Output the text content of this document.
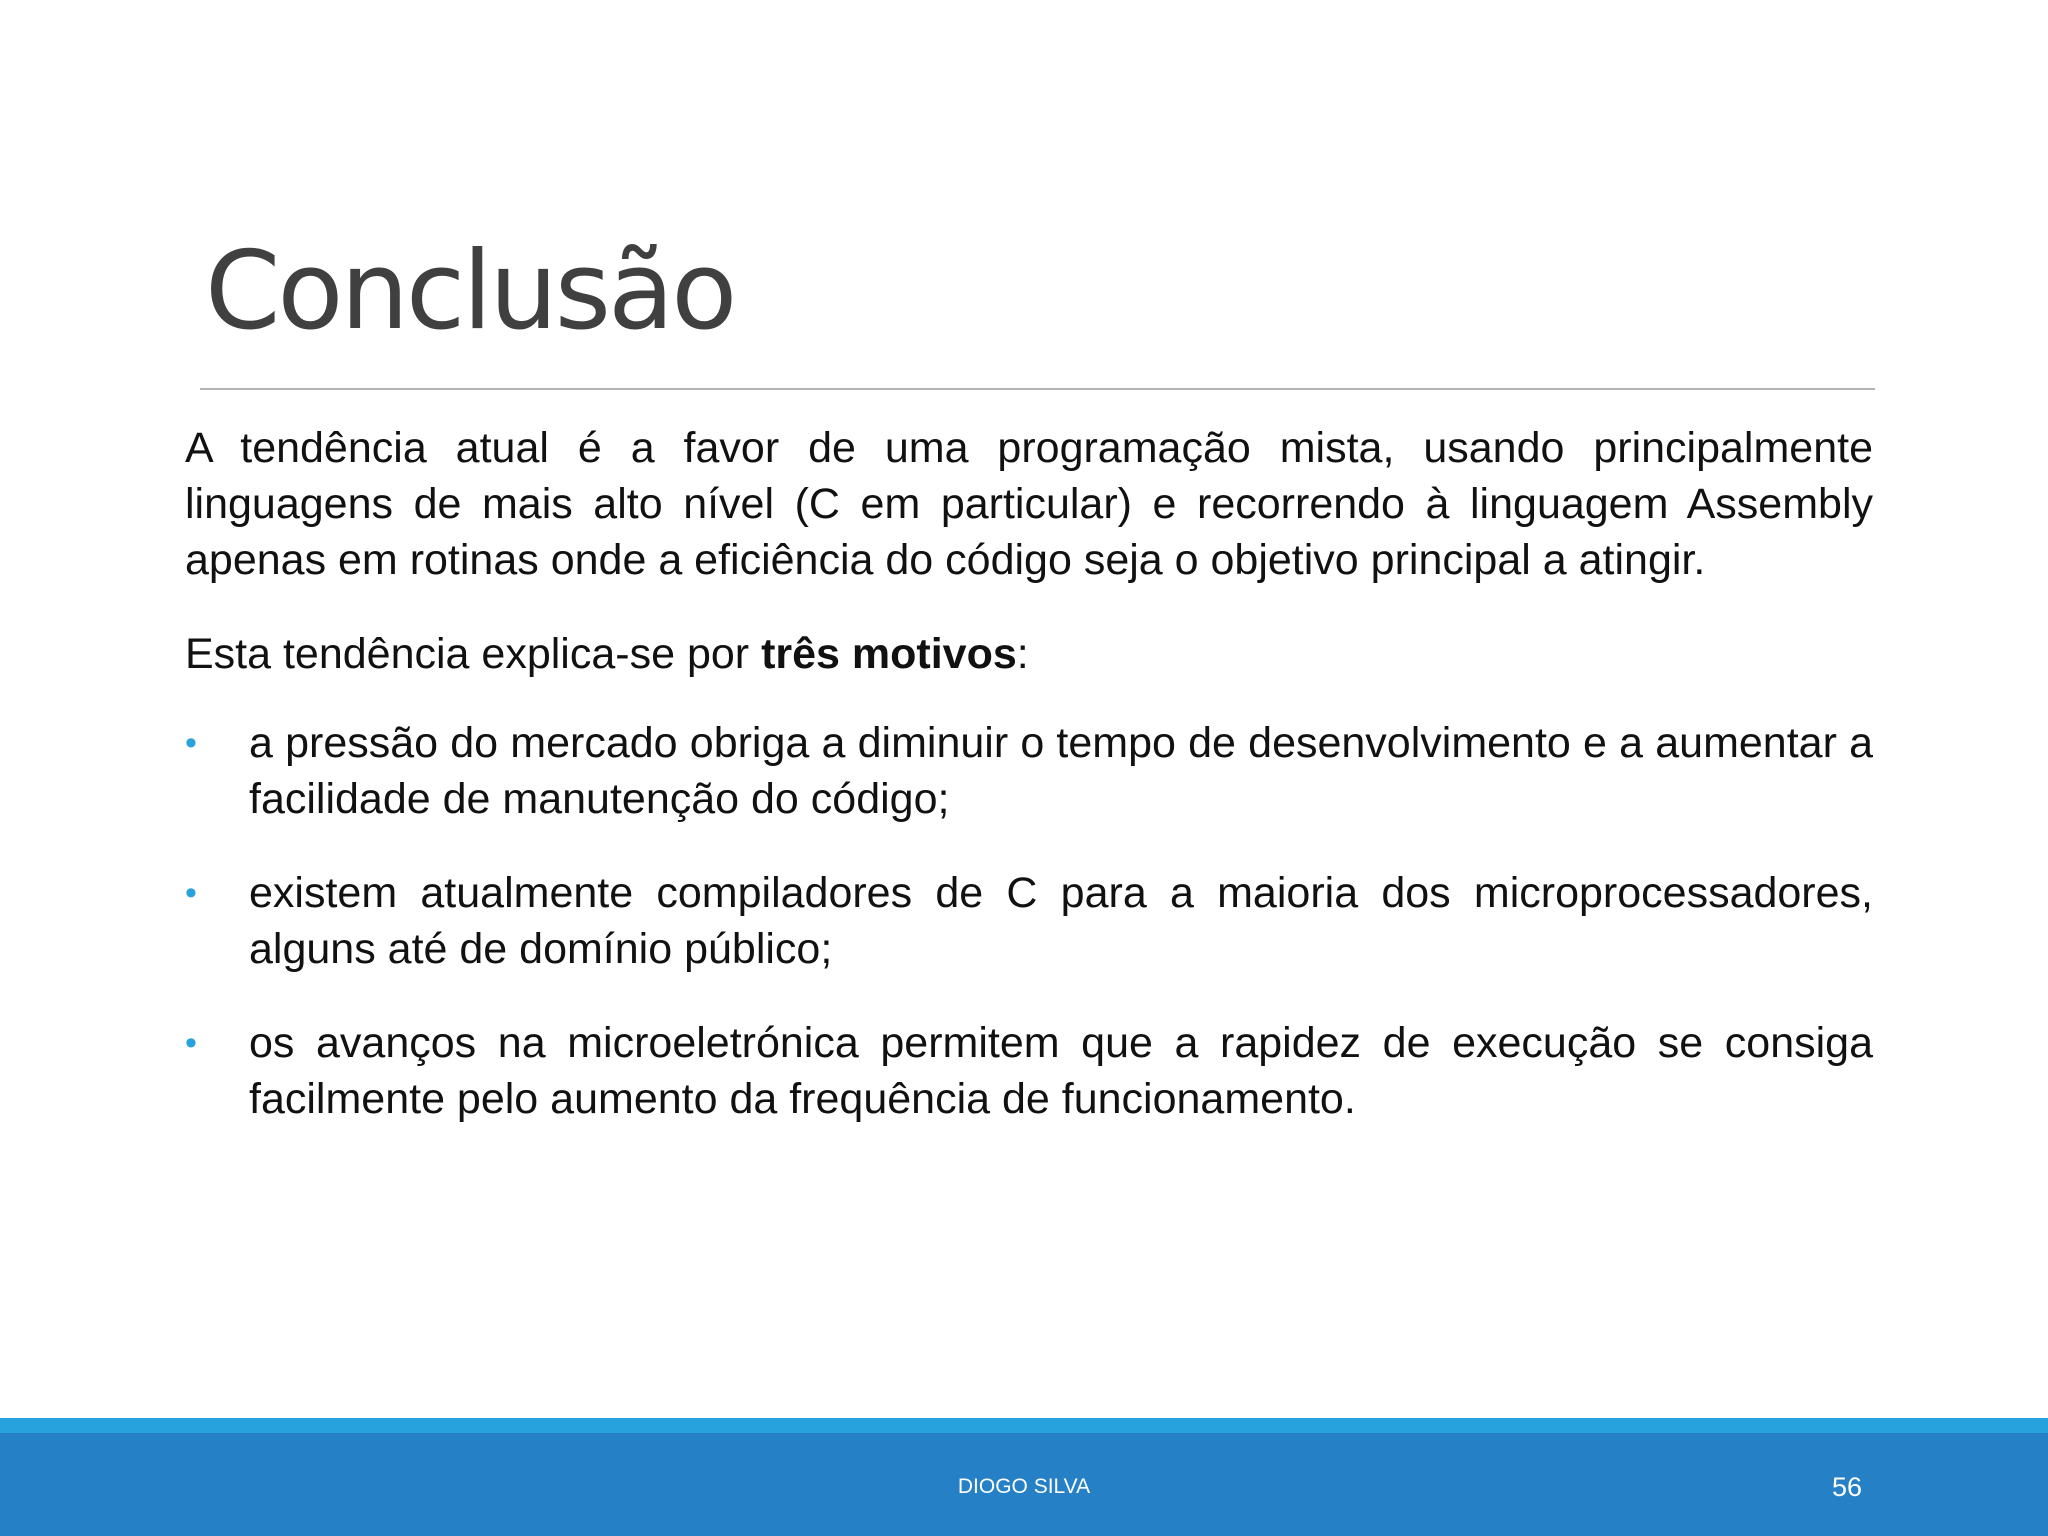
Conclusão

A tendência atual é a favor de uma programação mista, usando principalmente linguagens de mais alto nível (C em particular) e recorrendo à linguagem Assembly apenas em rotinas onde a eficiência do código seja o objetivo principal a atingir.

Esta tendência explica-se por três motivos:

• a pressão do mercado obriga a diminuir o tempo de desenvolvimento e a aumentar a facilidade de manutenção do código;
• existem atualmente compiladores de C para a maioria dos microprocessadores, alguns até de domínio público;
• os avanços na microeletrónica permitem que a rapidez de execução se consiga facilmente pelo aumento da frequência de funcionamento.
DIOGO SILVA	56
